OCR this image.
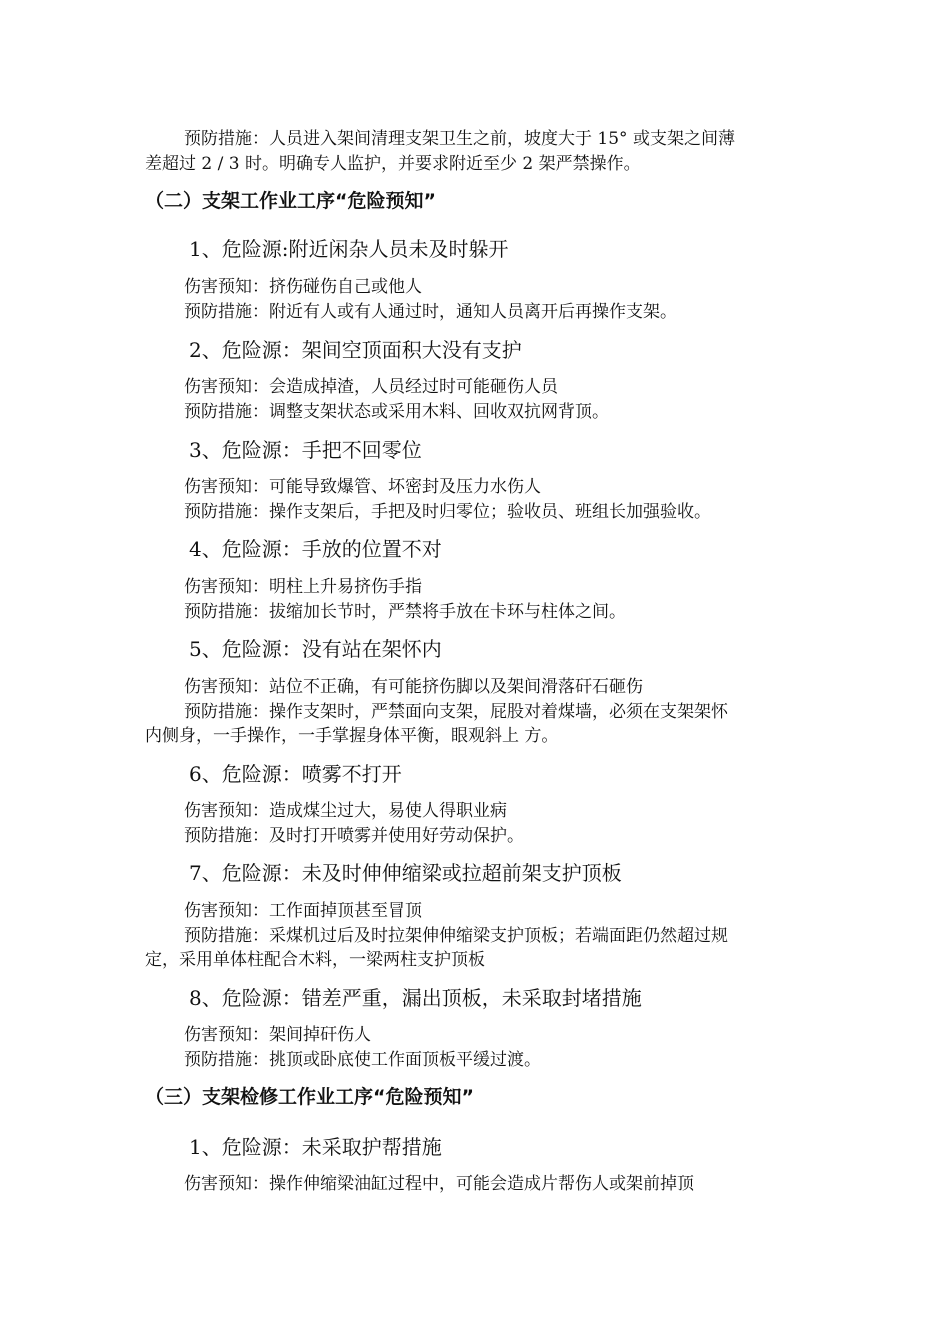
预防措施：人员进入架间清理支架卫生之前，坡度大于 15° 或支架之间薄
差超过 2 / 3 时。明确专人监护，并要求附近至少 2 架严禁操作。
（二）支架工作业工序“危险预知”
1、危险源:附近闲杂人员未及时躲开
伤害预知：挤伤碰伤自己或他人
预防措施：附近有人或有人通过时，通知人员离开后再操作支架。
2、危险源：架间空顶面积大没有支护
伤害预知：会造成掉渣，人员经过时可能砸伤人员
预防措施：调整支架状态或采用木料、回收双抗网背顶。
3、危险源：手把不回零位
伤害预知：可能导致爆管、坏密封及压力水伤人
预防措施：操作支架后，手把及时归零位；验收员、班组长加强验收。
4、危险源：手放的位置不对
伤害预知：明柱上升易挤伤手指
预防措施：拔缩加长节时，严禁将手放在卡环与柱体之间。
5、危险源：没有站在架怀内
伤害预知：站位不正确，有可能挤伤脚以及架间滑落矸石砸伤
预防措施：操作支架时，严禁面向支架，屁股对着煤墙，必须在支架架怀
内侧身，一手操作，一手掌握身体平衡，眼观斜上 方。
6、危险源：喷雾不打开
伤害预知：造成煤尘过大，易使人得职业病
预防措施：及时打开喷雾并使用好劳动保护。
7、危险源：未及时伸伸缩梁或拉超前架支护顶板
伤害预知：工作面掉顶甚至冒顶
预防措施：采煤机过后及时拉架伸伸缩梁支护顶板；若端面距仍然超过规
定，采用单体柱配合木料，一梁两柱支护顶板
8、危险源：错差严重，漏出顶板，未采取封堵措施
伤害预知：架间掉矸伤人
预防措施：挑顶或卧底使工作面顶板平缓过渡。
（三）支架检修工作业工序“危险预知”
1、危险源：未采取护帮措施
伤害预知：操作伸缩梁油缸过程中，可能会造成片帮伤人或架前掉顶
